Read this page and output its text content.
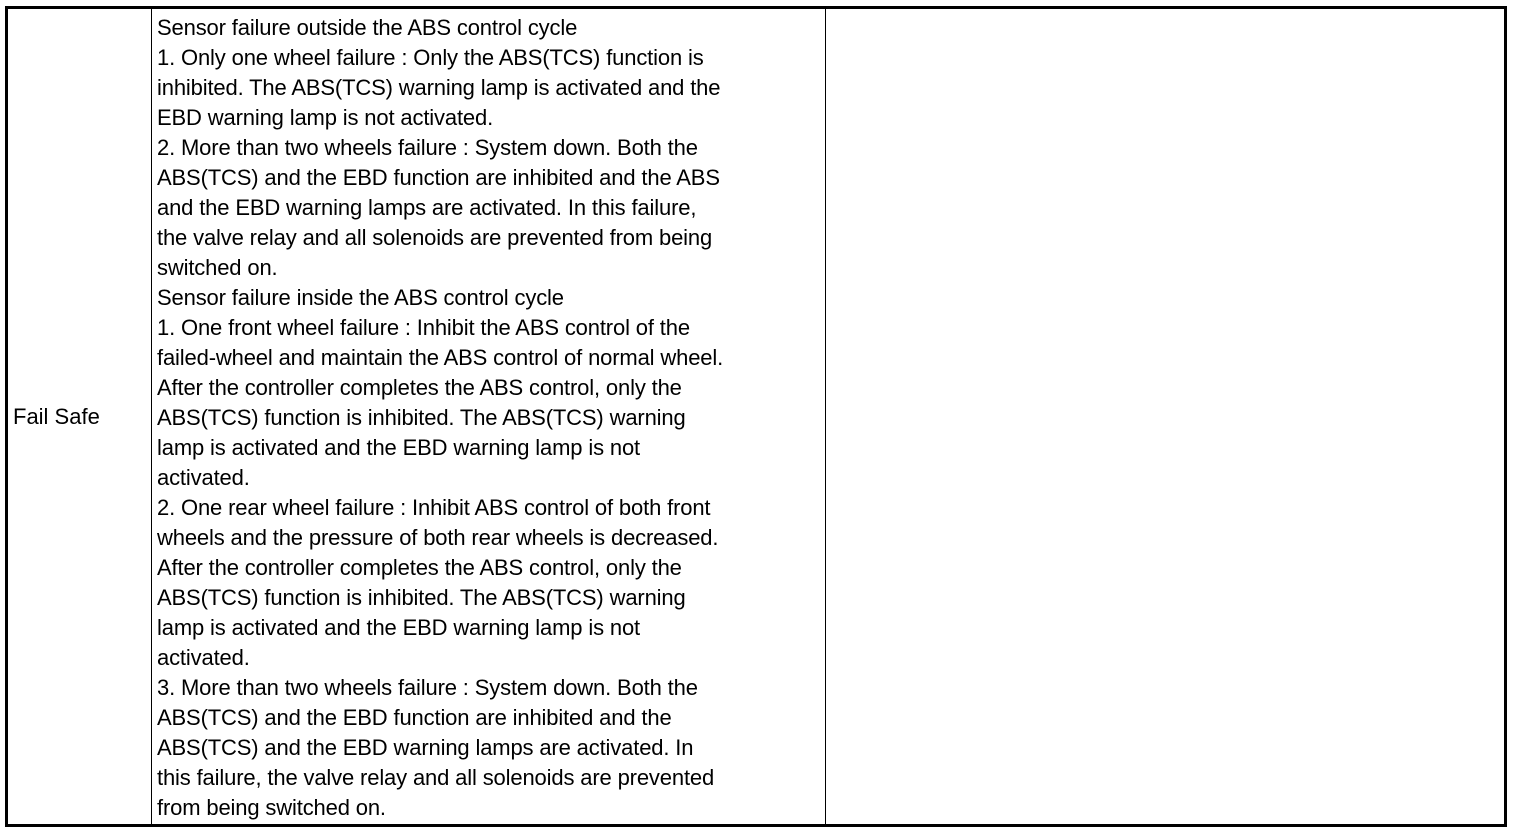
Fail Safe
Sensor failure outside the ABS control cycle
1. Only one wheel failure : Only the ABS(TCS) function is
inhibited. The ABS(TCS) warning lamp is activated and the
EBD warning lamp is not activated.
2. More than two wheels failure : System down. Both the
ABS(TCS) and the EBD function are inhibited and the ABS
and the EBD warning lamps are activated. In this failure,
the valve relay and all solenoids are prevented from being
switched on.
Sensor failure inside the ABS control cycle
1. One front wheel failure : Inhibit the ABS control of the
failed-wheel and maintain the ABS control of normal wheel.
After the controller completes the ABS control, only the
ABS(TCS) function is inhibited. The ABS(TCS) warning
lamp is activated and the EBD warning lamp is not
activated.
2. One rear wheel failure : Inhibit ABS control of both front
wheels and the pressure of both rear wheels is decreased.
After the controller completes the ABS control, only the
ABS(TCS) function is inhibited. The ABS(TCS) warning
lamp is activated and the EBD warning lamp is not
activated.
3. More than two wheels failure : System down. Both the
ABS(TCS) and the EBD function are inhibited and the
ABS(TCS) and the EBD warning lamps are activated. In
this failure, the valve relay and all solenoids are prevented
from being switched on.
